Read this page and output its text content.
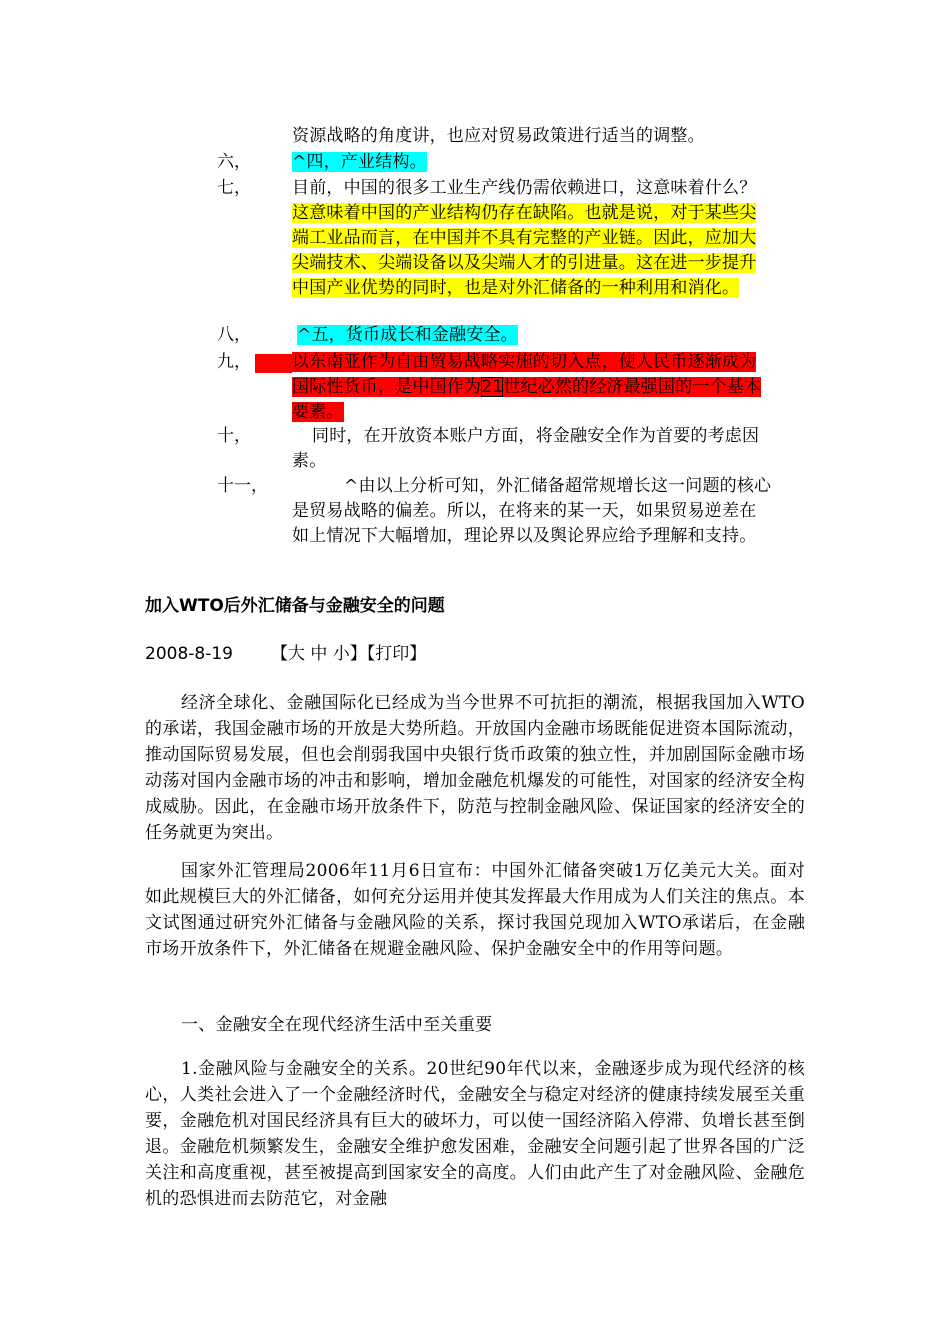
资源战略的角度讲，也应对贸易政策进行适当的调整。
六， ^四，产业结构。
七， 目前，中国的很多工业生产线仍需依赖进口，这意味着什么？这意味着中国的产业结构仍存在缺陷。也就是说，对于某些尖端工业品而言，在中国并不具有完整的产业链。因此，应加大尖端技术、尖端设备以及尖端人才的引进量。这在进一步提升中国产业优势的同时，也是对外汇储备的一种利用和消化。
八，	^五，货币成长和金融安全。
九， 以东南亚作为自由贸易战略实施的切入点，使人民币逐渐成为国际性货币，是中国作为21世纪必然的经济最强国的一个基本要素。
十，	同时，在开放资本账户方面，将金融安全作为首要的考虑因素。
十一，	^由以上分析可知，外汇储备超常规增长这一问题的核心是贸易战略的偏差。所以，在将来的某一天，如果贸易逆差在如上情况下大幅增加，理论界以及舆论界应给予理解和支持。
加入WTO后外汇储备与金融安全的问题
2008-8-19 【大 中 小】【打印】
经济全球化、金融国际化已经成为当今世界不可抗拒的潮流，根据我国加入WTO的承诺，我国金融市场的开放是大势所趋。开放国内金融市场既能促进资本国际流动，推动国际贸易发展，但也会削弱我国中央银行货币政策的独立性，并加剧国际金融市场动荡对国内金融市场的冲击和影响，增加金融危机爆发的可能性，对国家的经济安全构成威胁。因此，在金融市场开放条件下，防范与控制金融风险、保证国家的经济安全的任务就更为突出。
国家外汇管理局2006年11月6日宣布：中国外汇储备突破1万亿美元大关。面对如此规模巨大的外汇储备，如何充分运用并使其发挥最大作用成为人们关注的焦点。本文试图通过研究外汇储备与金融风险的关系，探讨我国兑现加入WTO承诺后，在金融市场开放条件下，外汇储备在规避金融风险、保护金融安全中的作用等问题。
一、金融安全在现代经济生活中至关重要
1.金融风险与金融安全的关系。20世纪90年代以来，金融逐步成为现代经济的核心，人类社会进入了一个金融经济时代，金融安全与稳定对经济的健康持续发展至关重要，金融危机对国民经济具有巨大的破坏力，可以使一国经济陷入停滞、负增长甚至倒退。金融危机频繁发生，金融安全维护愈发困难，金融安全问题引起了世界各国的广泛关注和高度重视，甚至被提高到国家安全的高度。人们由此产生了对金融风险、金融危机的恐惧进而去防范它，对金融
